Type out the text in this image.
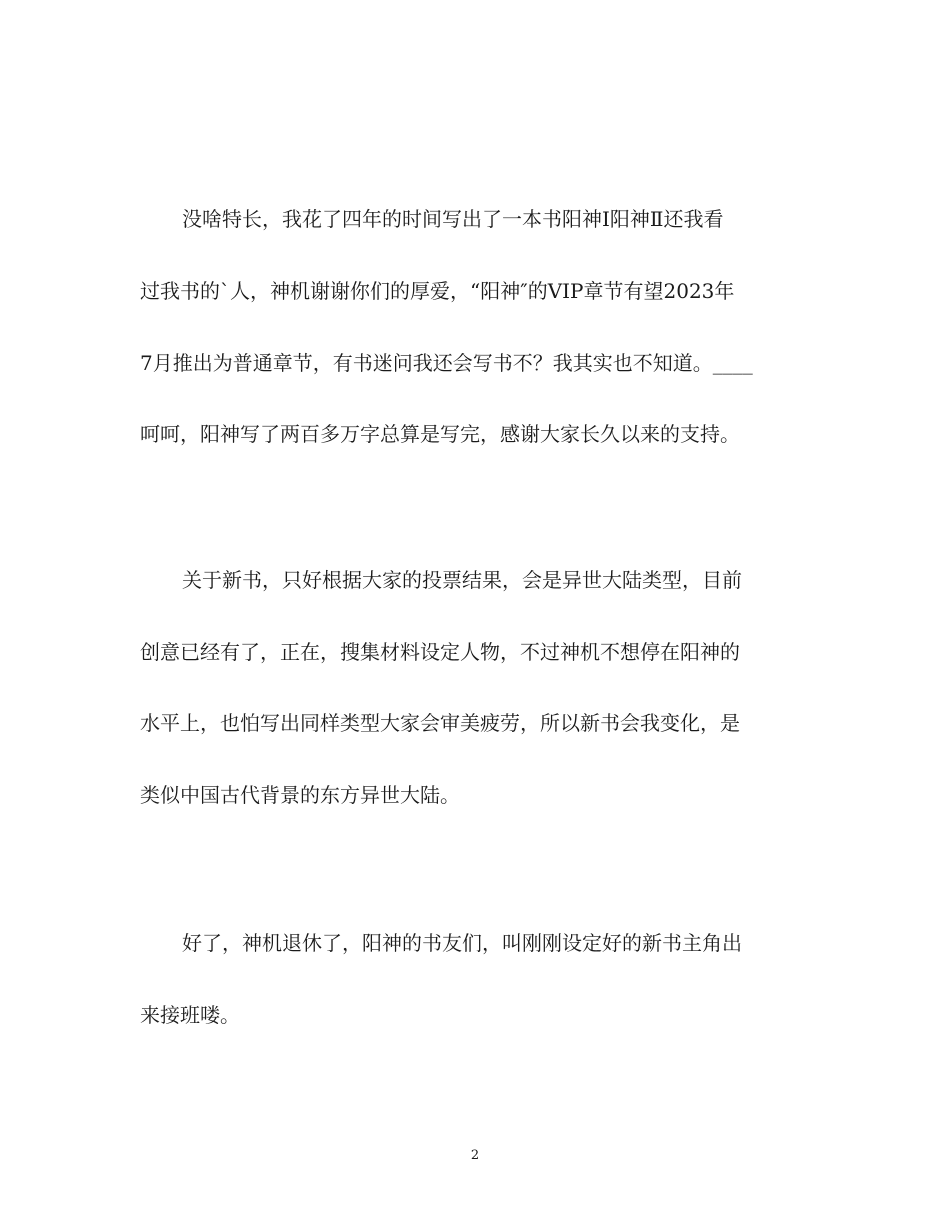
没啥特长，我花了四年的时间写出了一本书阳神Ⅰ阳神Ⅱ还我看
过我书的`人，神机谢谢你们的厚爱，“阳神″的VIP章节有望2023年
7月推出为普通章节，有书迷问我还会写书不？我其实也不知道。____
呵呵，阳神写了两百多万字总算是写完，感谢大家长久以来的支持。
关于新书，只好根据大家的投票结果，会是异世大陆类型，目前
创意已经有了，正在，搜集材料设定人物，不过神机不想停在阳神的
水平上，也怕写出同样类型大家会审美疲劳，所以新书会我变化，是
类似中国古代背景的东方异世大陆。
好了，神机退休了，阳神的书友们，叫刚刚设定好的新书主角出
来接班喽。
2
